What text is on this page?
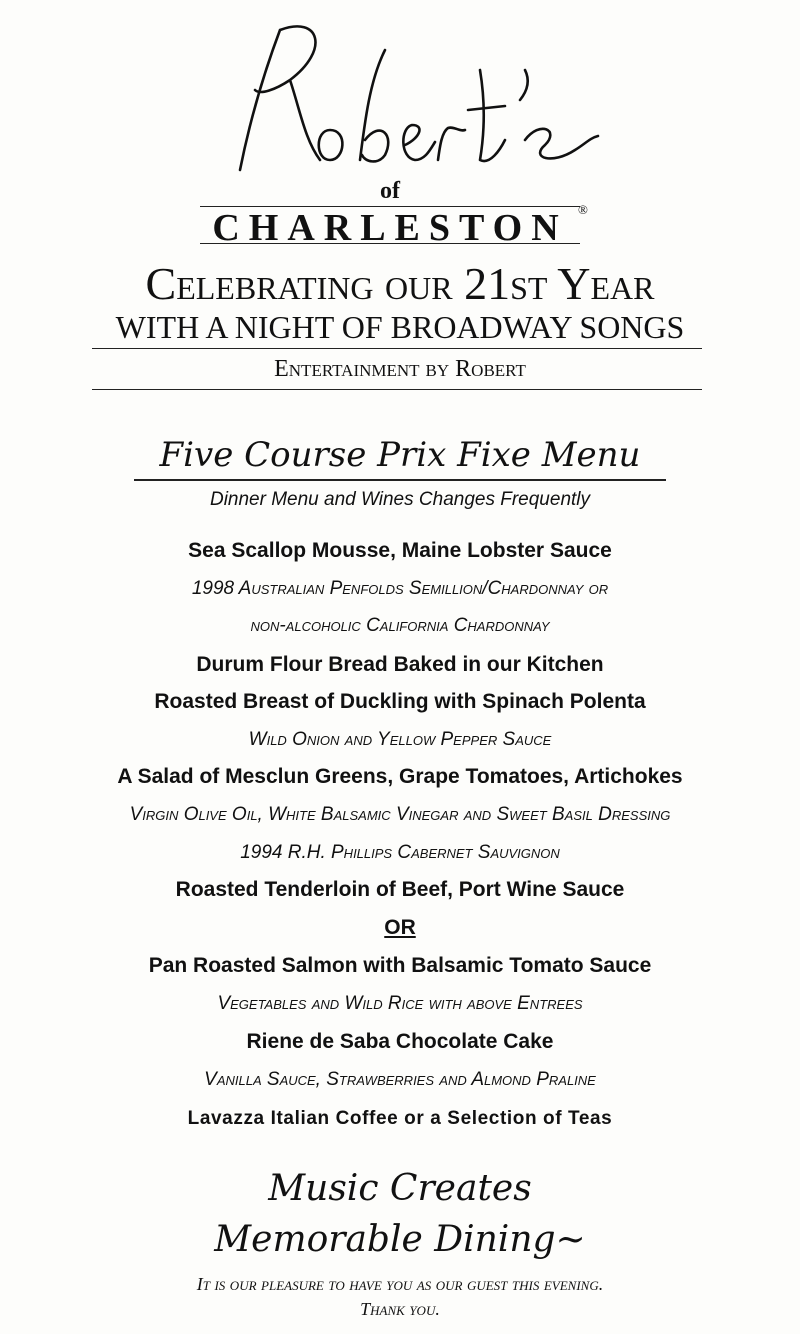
of
CHARLESTON ®
Celebrating our 21st Year
WITH A NIGHT OF BROADWAY SONGS
Entertainment by Robert
Five Course Prix Fixe Menu
Dinner Menu and Wines Changes Frequently
Sea Scallop Mousse, Maine Lobster Sauce
1998 Australian Penfolds Semillion/Chardonnay or
non-alcoholic California Chardonnay
Durum Flour Bread Baked in our Kitchen
Roasted Breast of Duckling with Spinach Polenta
Wild Onion and Yellow Pepper Sauce
A Salad of Mesclun Greens, Grape Tomatoes, Artichokes
Virgin Olive Oil, White Balsamic Vinegar and Sweet Basil Dressing
1994 R.H. Phillips Cabernet Sauvignon
Roasted Tenderloin of Beef, Port Wine Sauce
OR
Pan Roasted Salmon with Balsamic Tomato Sauce
Vegetables and Wild Rice with above Entrees
Riene de Saba Chocolate Cake
Vanilla Sauce, Strawberries and Almond Praline
Lavazza Italian Coffee or a Selection of Teas
Music Creates
Memorable Dining~
It is our pleasure to have you as our guest this evening.
Thank you.
